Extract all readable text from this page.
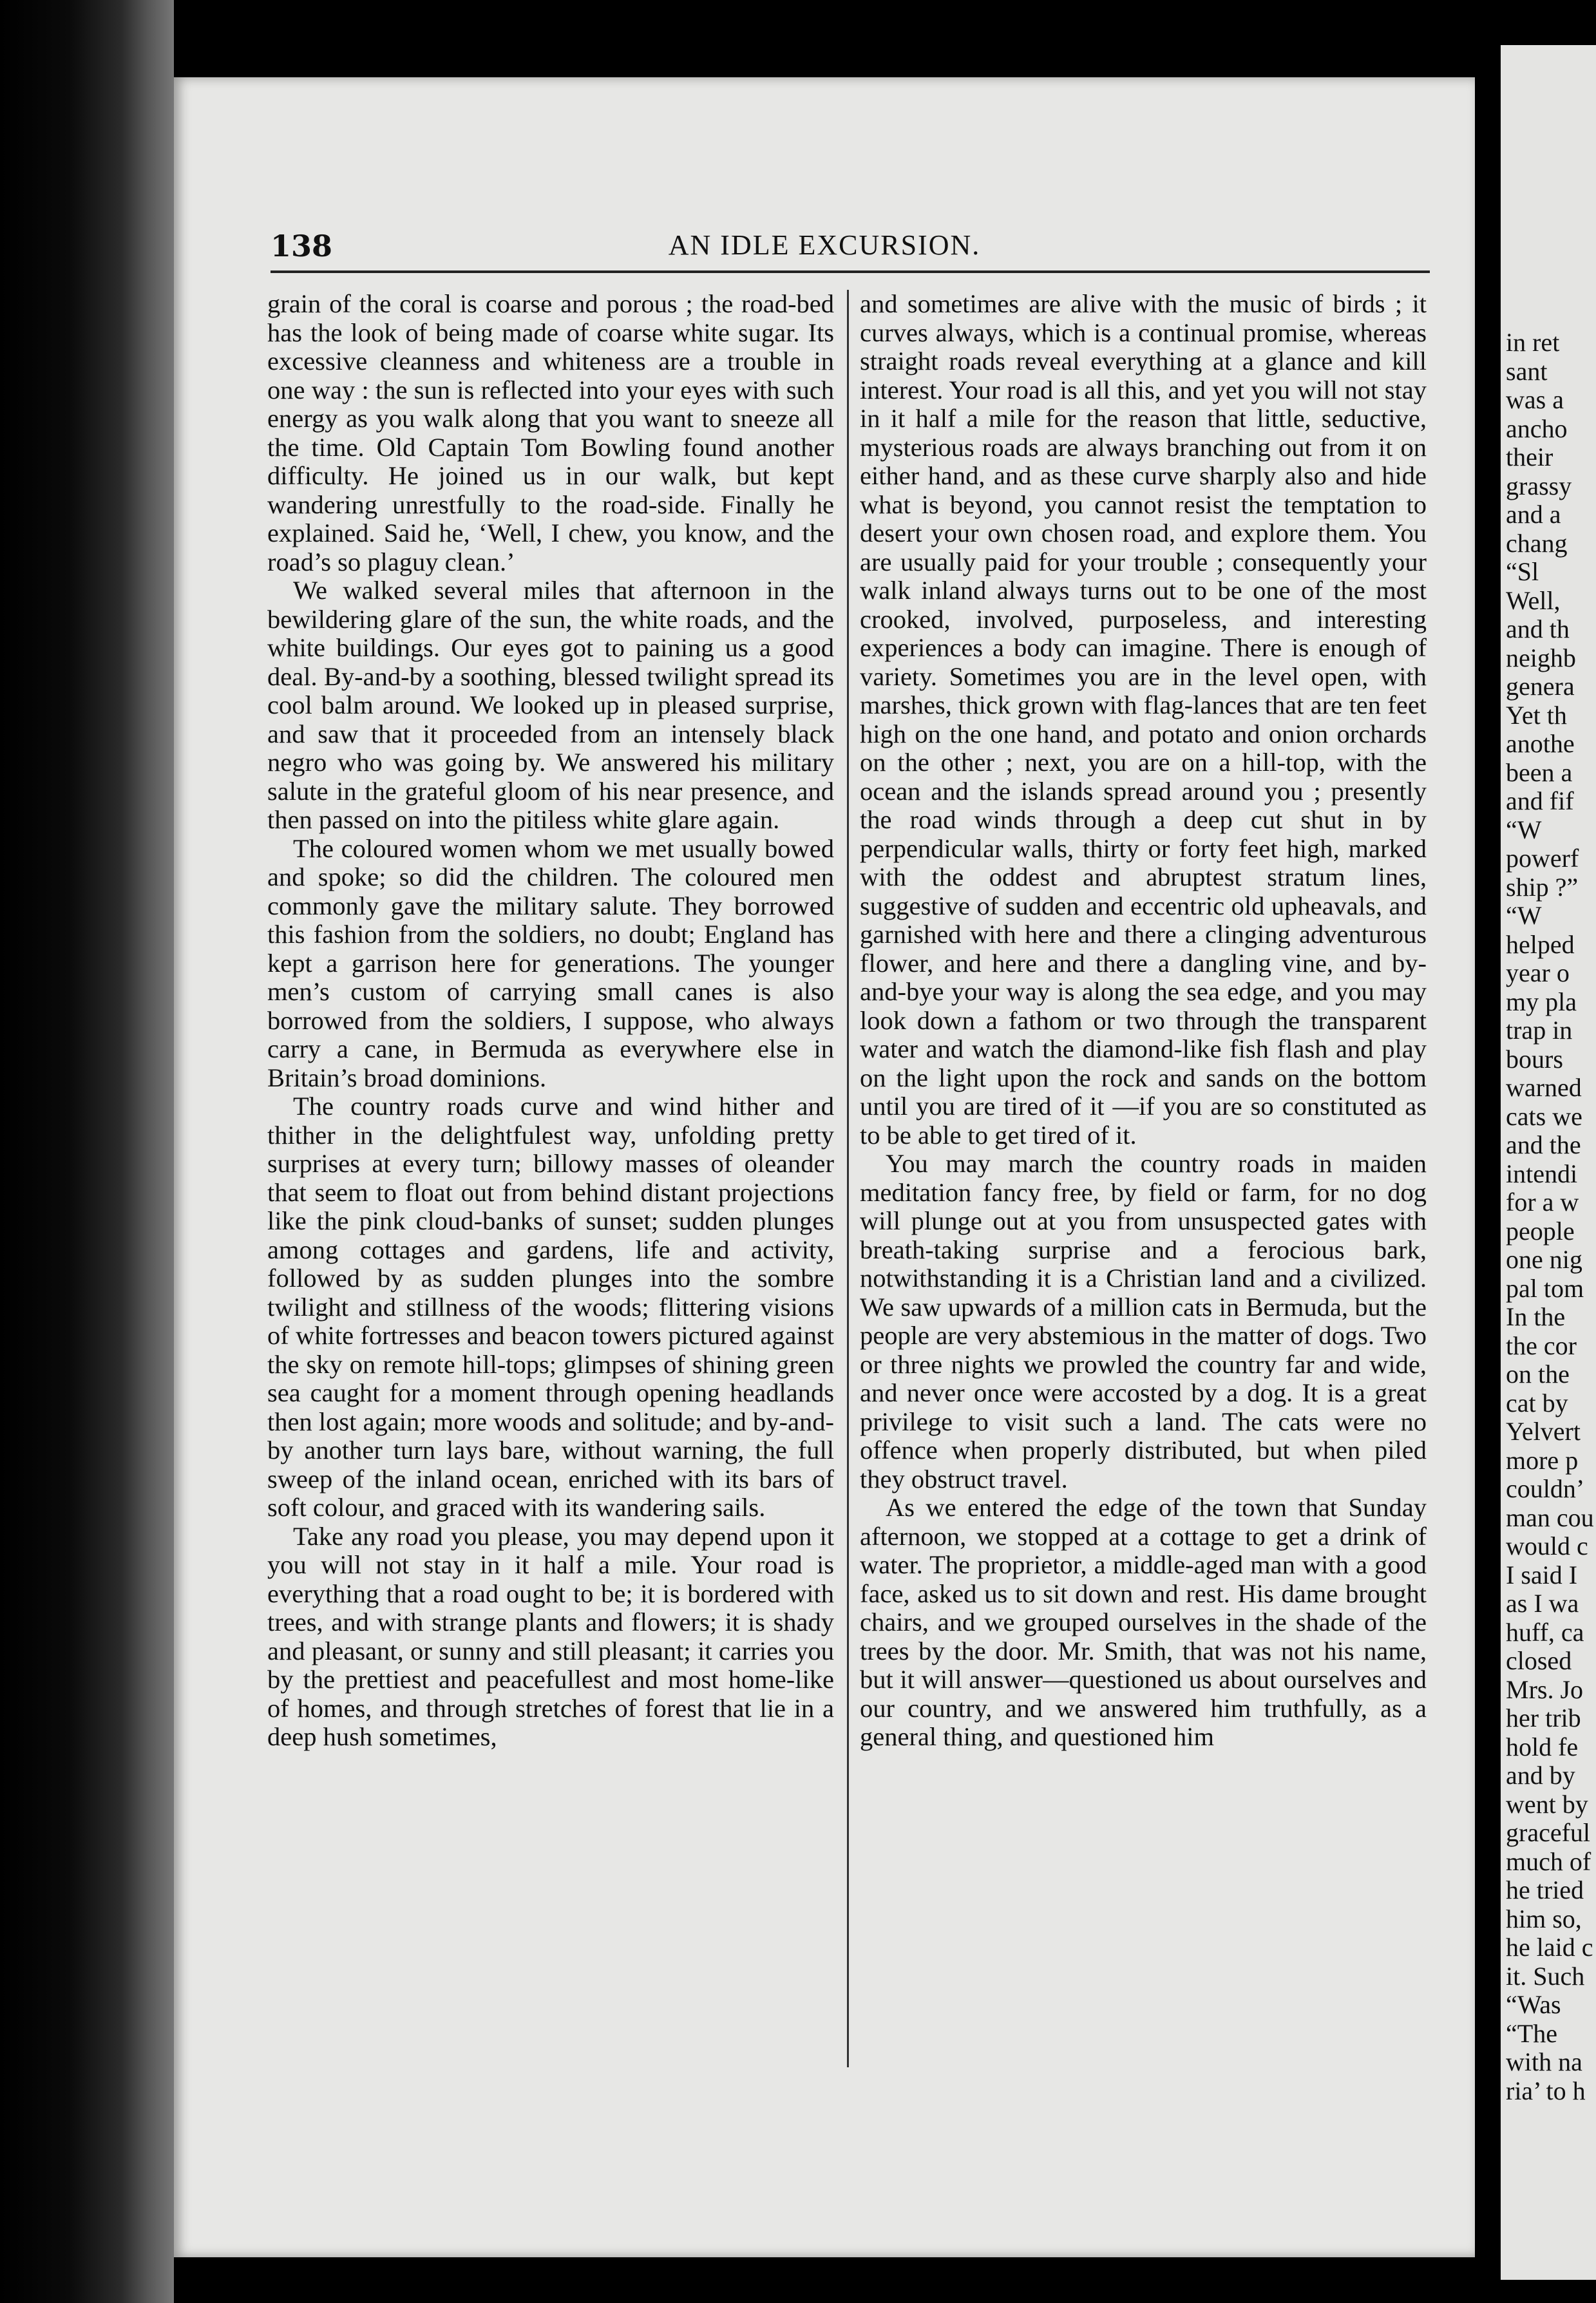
138	AN IDLE EXCURSION.

grain of the coral is coarse and porous ; the road-bed has the look of being made of coarse white sugar. Its excessive cleanness and whiteness are a trouble in one way : the sun is reflected into your eyes with such energy as you walk along that you want to sneeze all the time. Old Captain Tom Bowling found another difficulty. He joined us in our walk, but kept wandering unrestfully to the road-side. Finally he explained. Said he, ‘Well, I chew, you know, and the road’s so plaguy clean.’

We walked several miles that afternoon in the bewildering glare of the sun, the white roads, and the white buildings. Our eyes got to paining us a good deal. By-and-by a soothing, blessed twilight spread its cool balm around. We looked up in pleased surprise, and saw that it proceeded from an intensely black negro who was going by. We answered his military salute in the grateful gloom of his near presence, and then passed on into the pitiless white glare again.

The coloured women whom we met usually bowed and spoke; so did the children. The coloured men commonly gave the military salute. They borrowed this fashion from the soldiers, no doubt; England has kept a garrison here for generations. The younger men’s custom of carrying small canes is also borrowed from the soldiers, I suppose, who always carry a cane, in Bermuda as everywhere else in Britain’s broad dominions.

The country roads curve and wind hither and thither in the delightfulest way, unfolding pretty surprises at every turn; billowy masses of oleander that seem to float out from behind distant projections like the pink cloud-banks of sunset; sudden plunges among cottages and gardens, life and activity, followed by as sudden plunges into the sombre twilight and stillness of the woods; flittering visions of white fortresses and beacon towers pictured against the sky on remote hill-tops; glimpses of shining green sea caught for a moment through opening headlands then lost again; more woods and solitude; and by-and-by another turn lays bare, without warning, the full sweep of the inland ocean, enriched with its bars of soft colour, and graced with its wandering sails.

Take any road you please, you may depend upon it you will not stay in it half a mile. Your road is everything that a road ought to be; it is bordered with trees, and with strange plants and flowers; it is shady and pleasant, or sunny and still pleasant; it carries you by the prettiest and peacefullest and most home-like of homes, and through stretches of forest that lie in a deep hush sometimes,

and sometimes are alive with the music of birds ; it curves always, which is a continual promise, whereas straight roads reveal everything at a glance and kill interest. Your road is all this, and yet you will not stay in it half a mile for the reason that little, seductive, mysterious roads are always branching out from it on either hand, and as these curve sharply also and hide what is beyond, you cannot resist the temptation to desert your own chosen road, and explore them. You are usually paid for your trouble ; consequently your walk inland always turns out to be one of the most crooked, involved, purposeless, and interesting experiences a body can imagine. There is enough of variety. Sometimes you are in the level open, with marshes, thick grown with flag-lances that are ten feet high on the one hand, and potato and onion orchards on the other ; next, you are on a hill-top, with the ocean and the islands spread around you ; presently the road winds through a deep cut shut in by perpendicular walls, thirty or forty feet high, marked with the oddest and abruptest stratum lines, suggestive of sudden and eccentric old upheavals, and garnished with here and there a clinging adventurous flower, and here and there a dangling vine, and by-and-bye your way is along the sea edge, and you may look down a fathom or two through the transparent water and watch the diamond-like fish flash and play on the light upon the rock and sands on the bottom until you are tired of it —if you are so constituted as to be able to get tired of it.

You may march the country roads in maiden meditation fancy free, by field or farm, for no dog will plunge out at you from unsuspected gates with breath-taking surprise and a ferocious bark, notwithstanding it is a Christian land and a civilized. We saw upwards of a million cats in Bermuda, but the people are very abstemious in the matter of dogs. Two or three nights we prowled the country far and wide, and never once were accosted by a dog. It is a great privilege to visit such a land. The cats were no offence when properly distributed, but when piled they obstruct travel.

As we entered the edge of the town that Sunday afternoon, we stopped at a cottage to get a drink of water. The proprietor, a middle-aged man with a good face, asked us to sit down and rest. His dame brought chairs, and we grouped ourselves in the shade of the trees by the door. Mr. Smith, that was not his name, but it will answer—questioned us about ourselves and our country, and we answered him truthfully, as a general thing, and questioned him

in ret
sant
was a
ancho
their
grassy
and a
chang
“Sl
Well,
and th
neighb
genera
Yet th
anothe
been a
and fif
“W
powerf
ship ?”
“W
helped
year o
my pla
trap in
bours
warned
cats we
and the
intendi
for a w
people
one nig
pal tom
In the
the cor
on the
cat by
Yelvert
more p
couldn’
man cou
would c
I said I
as I wa
huff, ca
closed
Mrs. Jo
her trib
hold fe
and by
went by
graceful
much of
he tried
him so,
he laid c
it. Such
“Was
“The
with na
ria’ to h
